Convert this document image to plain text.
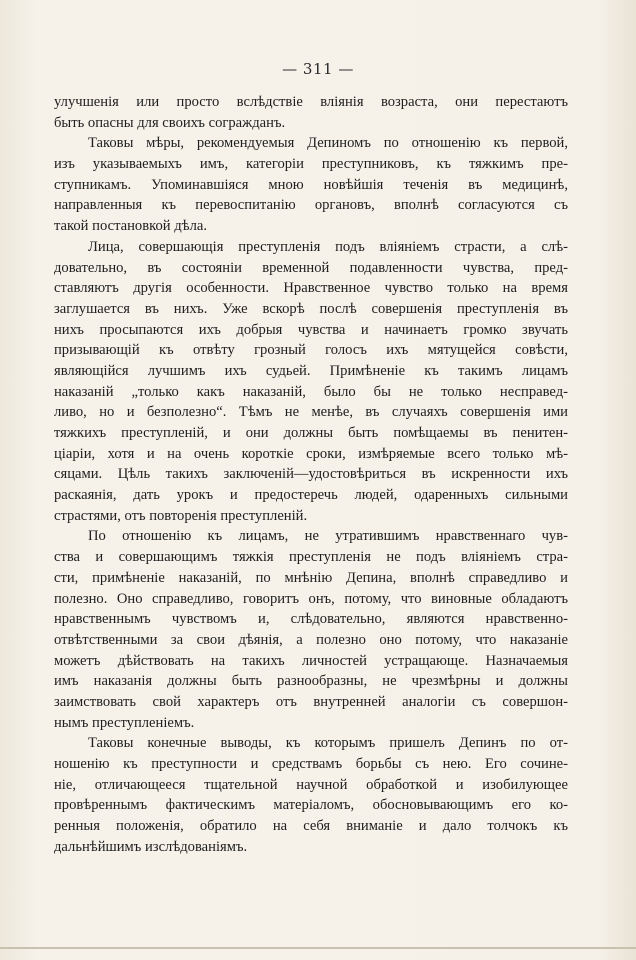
— 311 —
улучшенія или просто вслѣдствіе вліянія возраста, они перестаютъ
быть опасны для своихъ согражданъ.
Таковы мѣры, рекомендуемыя Депиномъ по отношенію къ первой,
изъ указываемыхъ имъ, категоріи преступниковъ, къ тяжкимъ пре-
ступникамъ. Упоминавшіяся мною новѣйшія теченія въ медицинѣ,
направленныя къ перевоспитанію органовъ, вполнѣ согласуются съ
такой постановкой дѣла.
Лица, совершающія преступленія подъ вліяніемъ страсти, а слѣ-
довательно, въ состояніи временной подавленности чувства, пред-
ставляютъ другія особенности. Нравственное чувство только на время
заглушается въ нихъ. Уже вскорѣ послѣ совершенія преступленія въ
нихъ просыпаются ихъ добрыя чувства и начинаетъ громко звучать
призывающій къ отвѣту грозный голосъ ихъ мятущейся совѣсти,
являющійся лучшимъ ихъ судьей. Примѣненіе къ такимъ лицамъ
наказаній „только какъ наказаній, было бы не только несправед-
ливо, но и безполезно“. Тѣмъ не менѣе, въ случаяхъ совершенія ими
тяжкихъ преступленій, и они должны быть помѣщаемы въ пенитен-
ціаріи, хотя и на очень короткіе сроки, измѣряемые всего только мѣ-
сяцами. Цѣль такихъ заключеній—удостовѣриться въ искренности ихъ
раскаянія, дать урокъ и предостеречь людей, одаренныхъ сильными
страстями, отъ повторенія преступленій.
По отношенію къ лицамъ, не утратившимъ нравственнаго чув-
ства и совершающимъ тяжкія преступленія не подъ вліяніемъ стра-
сти, примѣненіе наказаній, по мнѣнію Депина, вполнѣ справедливо и
полезно. Оно справедливо, говоритъ онъ, потому, что виновные обладаютъ
нравственнымъ чувствомъ и, слѣдовательно, являются нравственно-
отвѣтственными за свои дѣянія, а полезно оно потому, что наказаніе
можетъ дѣйствовать на такихъ личностей устращающе. Назначаемыя
имъ наказанія должны быть разнообразны, не чрезмѣрны и должны
заимствовать свой характеръ отъ внутренней аналогіи съ совершон-
нымъ преступленіемъ.
Таковы конечные выводы, къ которымъ пришелъ Депинъ по от-
ношенію къ преступности и средствамъ борьбы съ нею. Его сочине-
ніе, отличающееся тщательной научной обработкой и изобилующее
провѣреннымъ фактическимъ матеріаломъ, обосновывающимъ его ко-
ренныя положенія, обратило на себя вниманіе и дало толчокъ къ
дальнѣйшимъ изслѣдованіямъ.
